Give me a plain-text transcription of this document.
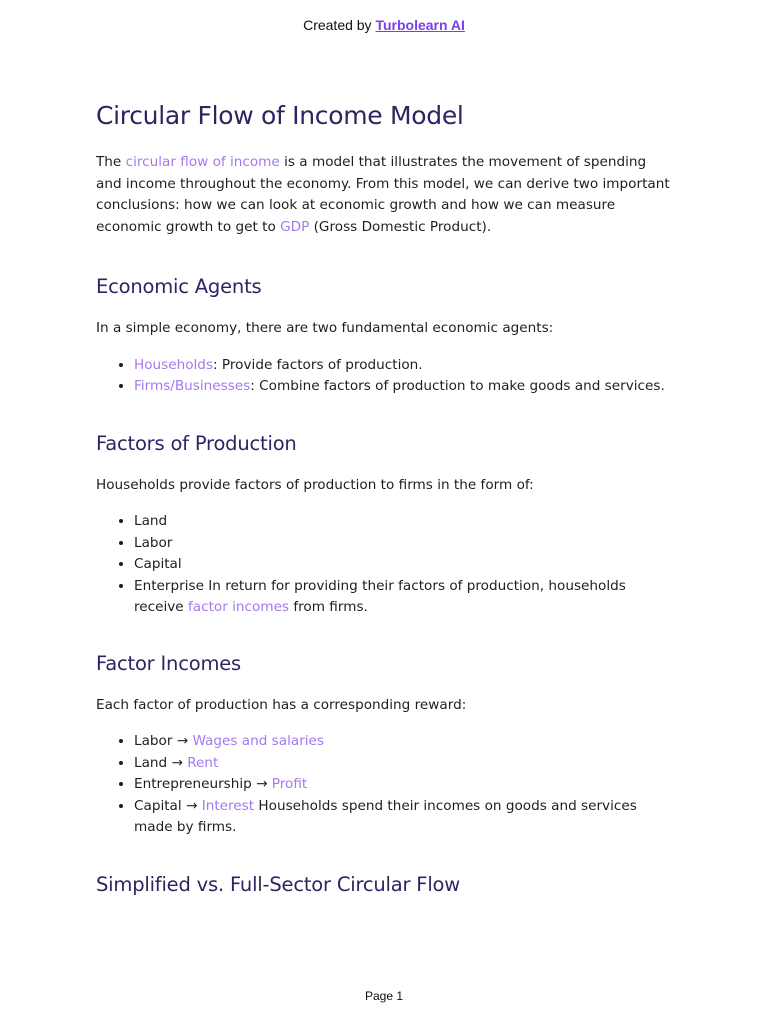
Created by Turbolearn AI
Circular Flow of Income Model

The circular flow of income is a model that illustrates the movement of spending and income throughout the economy. From this model, we can derive two important conclusions: how we can look at economic growth and how we can measure economic growth to get to GDP (Gross Domestic Product).

Economic Agents

In a simple economy, there are two fundamental economic agents:

• Households: Provide factors of production.
• Firms/Businesses: Combine factors of production to make goods and services.
Factors of Production

Households provide factors of production to firms in the form of:

• Land
• Labor
• Capital
• Enterprise In return for providing their factors of production, households receive factor incomes from firms.
Factor Incomes

Each factor of production has a corresponding reward:

• Labor → Wages and salaries
• Land → Rent
• Entrepreneurship → Profit
• Capital → Interest Households spend their incomes on goods and services made by firms.
Simplified vs. Full-Sector Circular Flow
Page 1
